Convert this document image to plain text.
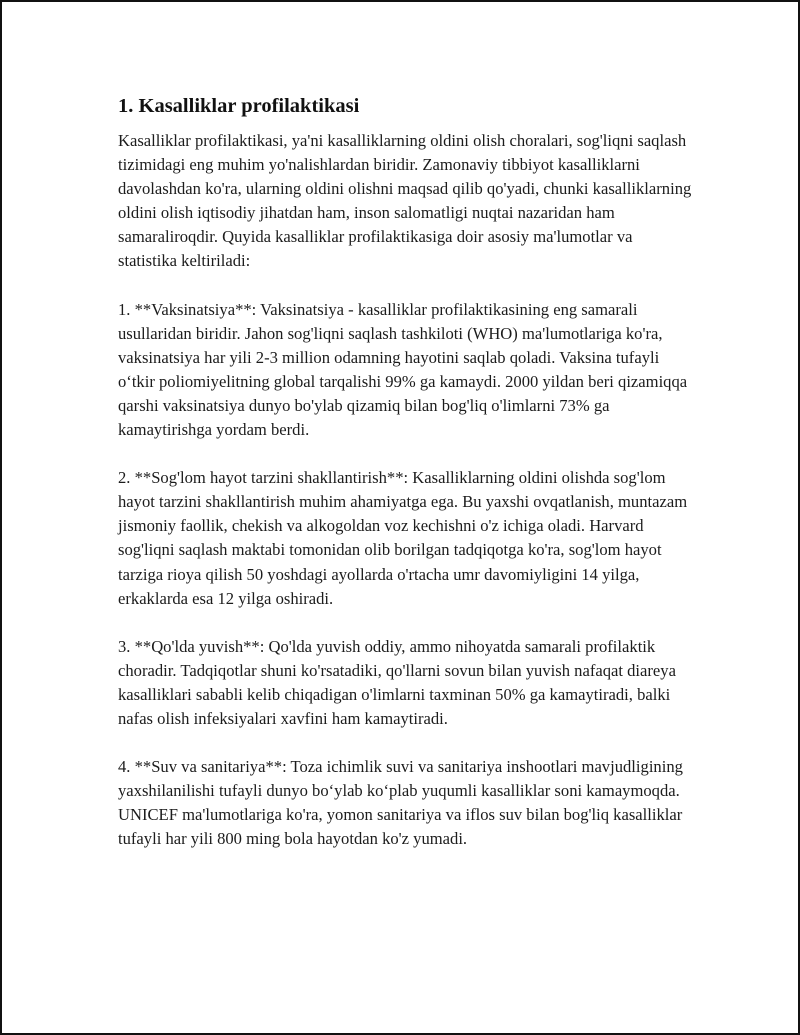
1. Kasalliklar profilaktikasi

Kasalliklar profilaktikasi, ya'ni kasalliklarning oldini olish choralari, sog'liqni saqlash tizimidagi eng muhim yo'nalishlardan biridir. Zamonaviy tibbiyot kasalliklarni davolashdan ko'ra, ularning oldini olishni maqsad qilib qo'yadi, chunki kasalliklarning oldini olish iqtisodiy jihatdan ham, inson salomatligi nuqtai nazaridan ham samaraliroqdir. Quyida kasalliklar profilaktikasiga doir asosiy ma'lumotlar va statistika keltiriladi:

1. **Vaksinatsiya**: Vaksinatsiya - kasalliklar profilaktikasining eng samarali usullaridan biridir. Jahon sog'liqni saqlash tashkiloti (WHO) ma'lumotlariga ko'ra, vaksinatsiya har yili 2-3 million odamning hayotini saqlab qoladi. Vaksina tufayli o‘tkir poliomiyelitning global tarqalishi 99% ga kamaydi. 2000 yildan beri qizamiqqa qarshi vaksinatsiya dunyo bo'ylab qizamiq bilan bog'liq o'limlarni 73% ga kamaytirishga yordam berdi.

2. **Sog'lom hayot tarzini shakllantirish**: Kasalliklarning oldini olishda sog'lom hayot tarzini shakllantirish muhim ahamiyatga ega. Bu yaxshi ovqatlanish, muntazam jismoniy faollik, chekish va alkogoldan voz kechishni o'z ichiga oladi. Harvard sog'liqni saqlash maktabi tomonidan olib borilgan tadqiqotga ko'ra, sog'lom hayot tarziga rioya qilish 50 yoshdagi ayollarda o'rtacha umr davomiyligini 14 yilga, erkaklarda esa 12 yilga oshiradi.

3. **Qo'lda yuvish**: Qo'lda yuvish oddiy, ammo nihoyatda samarali profilaktik choradir. Tadqiqotlar shuni ko'rsatadiki, qo'llarni sovun bilan yuvish nafaqat diareya kasalliklari sababli kelib chiqadigan o'limlarni taxminan 50% ga kamaytiradi, balki nafas olish infeksiyalari xavfini ham kamaytiradi.

4. **Suv va sanitariya**: Toza ichimlik suvi va sanitariya inshootlari mavjudligining yaxshilanilishi tufayli dunyo bo‘ylab ko‘plab yuqumli kasalliklar soni kamaymoqda. UNICEF ma'lumotlariga ko'ra, yomon sanitariya va iflos suv bilan bog'liq kasalliklar tufayli har yili 800 ming bola hayotdan ko'z yumadi.
